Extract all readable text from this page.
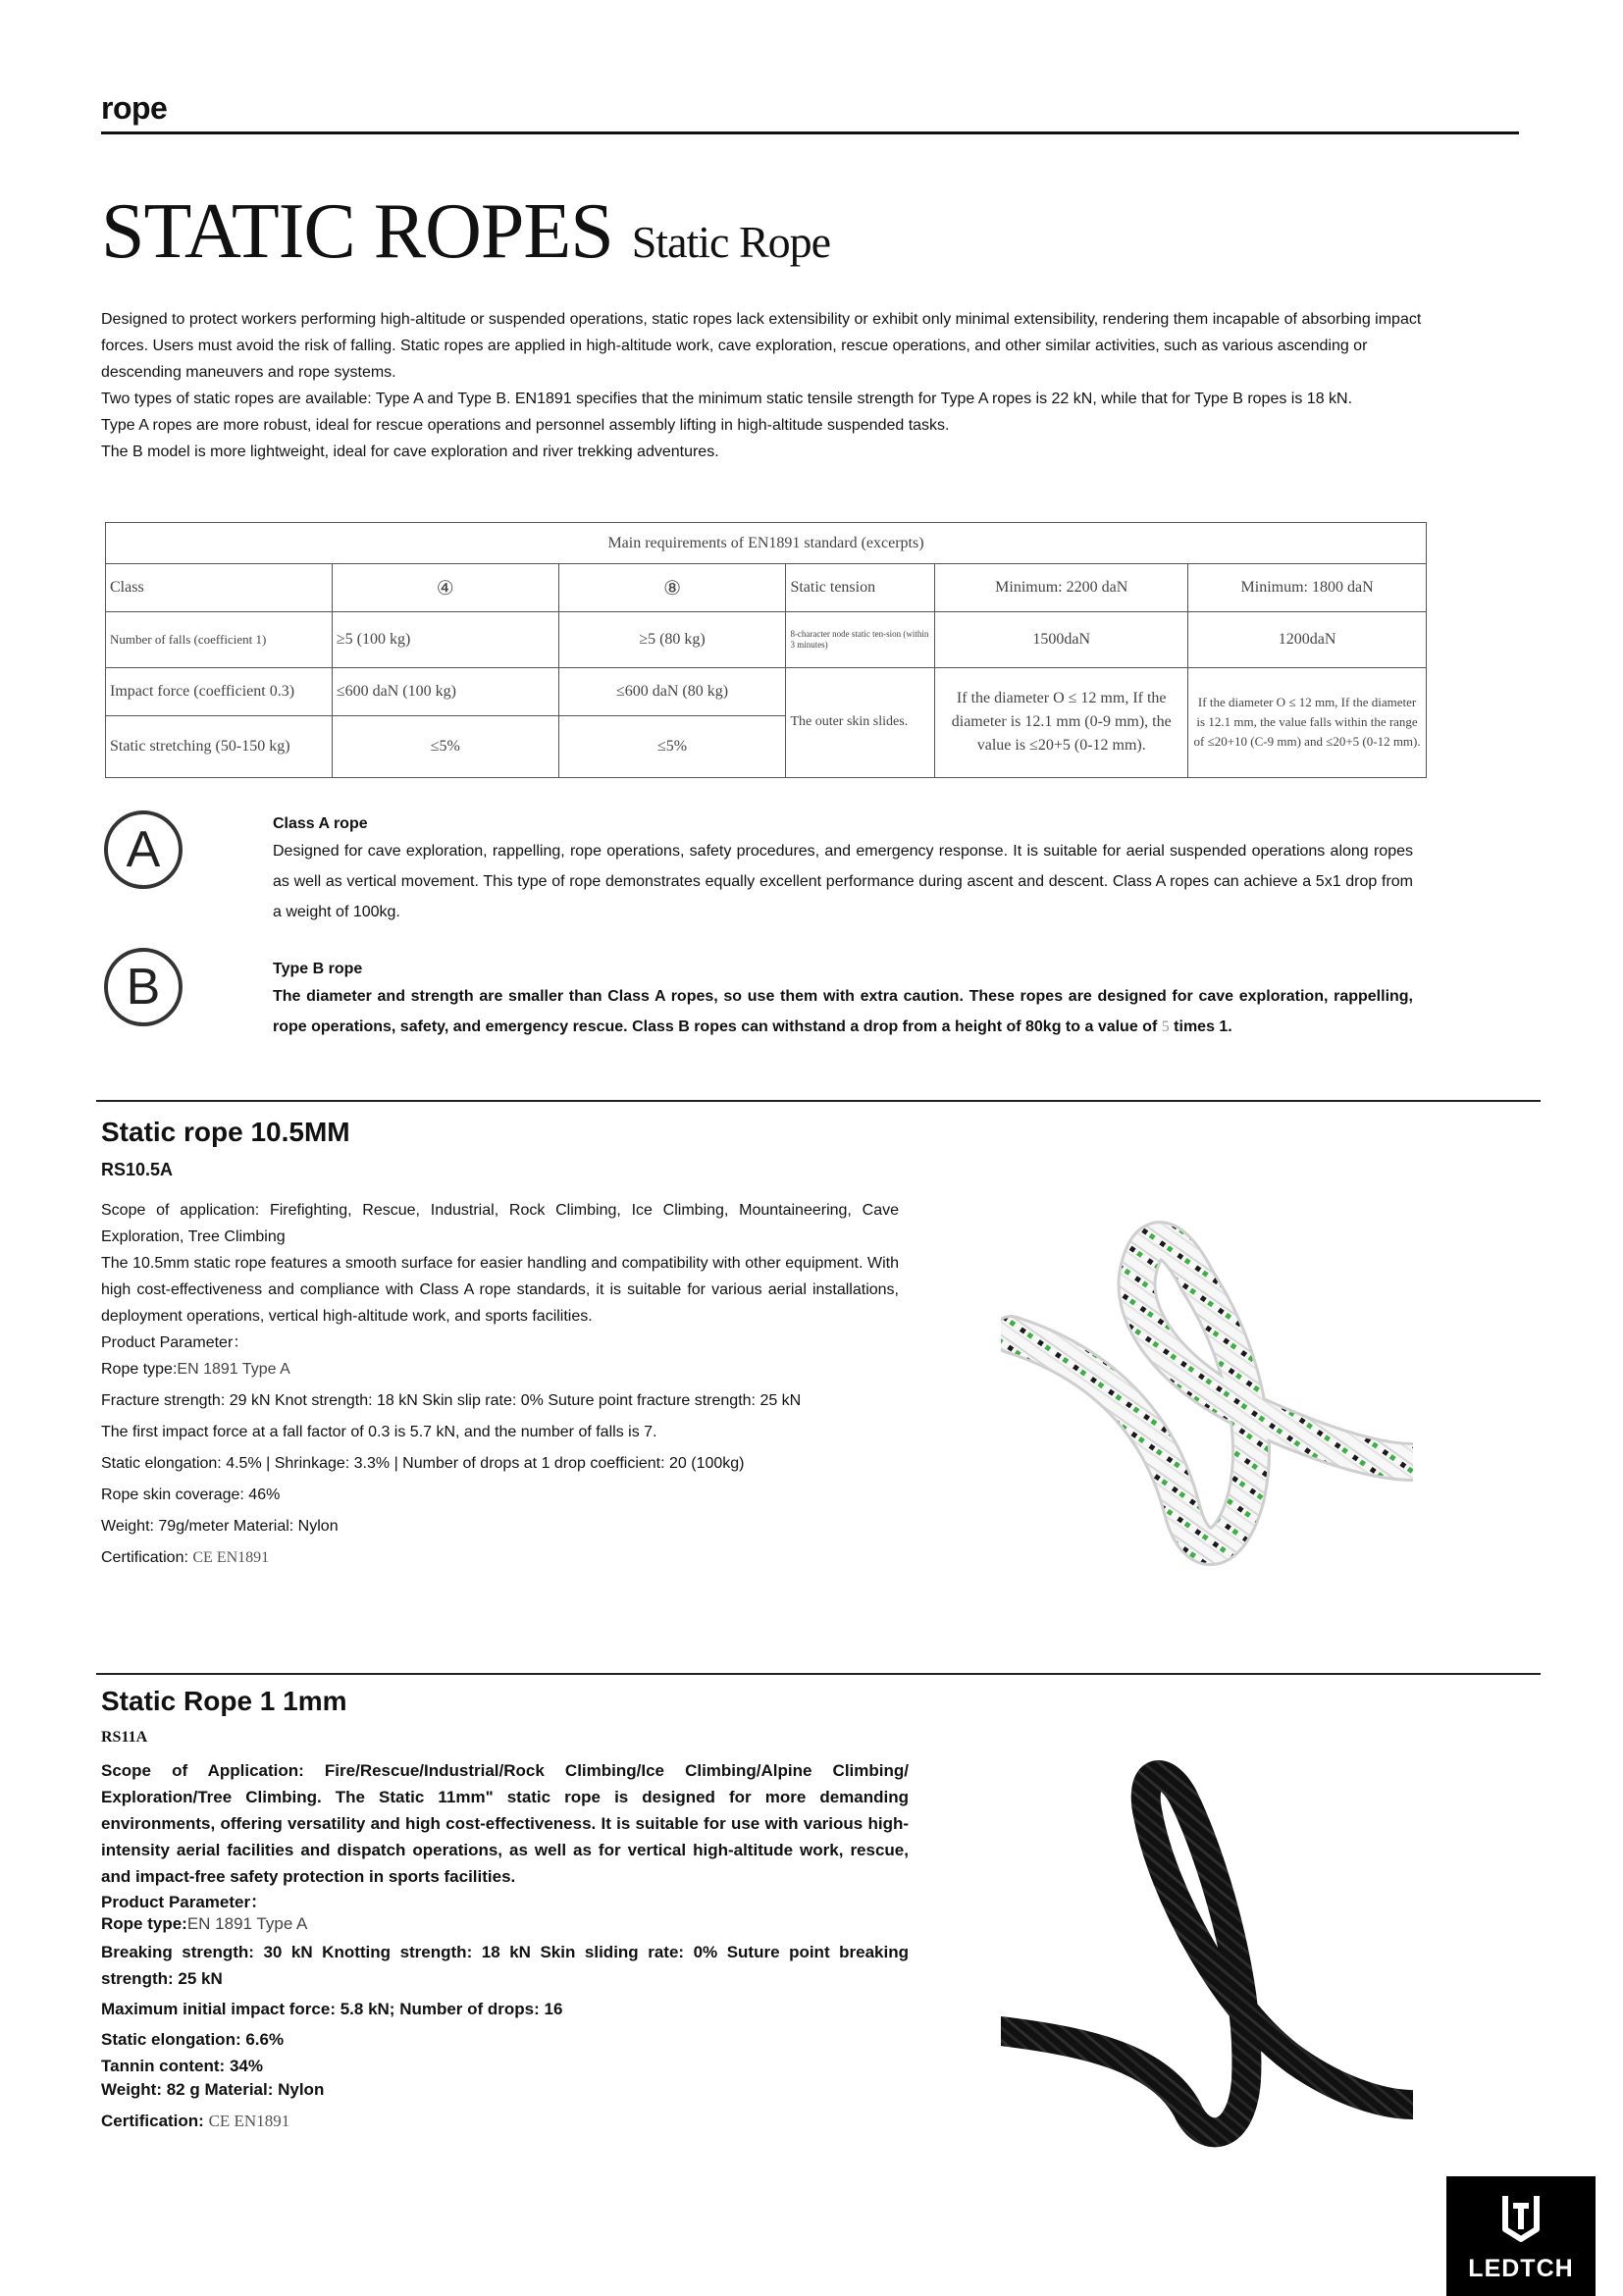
rope
STATIC ROPES Static Rope

Designed to protect workers performing high-altitude or suspended operations, static ropes lack extensibility or exhibit only minimal extensibility, rendering them incapable of absorbing impact forces. Users must avoid the risk of falling. Static ropes are applied in high-altitude work, cave exploration, rescue operations, and other similar activities, such as various ascending or descending maneuvers and rope systems.

Two types of static ropes are available: Type A and Type B. EN1891 specifies that the minimum static tensile strength for Type A ropes is 22 kN, while that for Type B ropes is 18 kN.

Type A ropes are more robust, ideal for rescue operations and personnel assembly lifting in high-altitude suspended tasks.

The B model is more lightweight, ideal for cave exploration and river trekking adventures.

Main requirements of EN1891 standard (excerpts)					
Class	④	⑧	Static tension	Minimum: 2200 daN	Minimum: 1800 daN
Number of falls (coefficient 1)	≥5 (100 kg)	≥5 (80 kg)	8-character node static ten-sion (within 3 minutes)	1500daN	1200daN
Impact force (coefficient 0.3)	≤600 daN (100 kg)	≤600 daN (80 kg)	The outer skin slides.	If the diameter Ο ≤ 12 mm, If the diameter is 12.1 mm (0-9 mm), the value is ≤20+5 (0-12 mm).	If the diameter Ο ≤ 12 mm, If the diameter is 12.1 mm, the value falls within the range of ≤20+10 (C-9 mm) and ≤20+5 (0-12 mm).
Static stretching (50-150 kg)	≤5%	≤5%			
A	Class A rope
Designed for cave exploration, rappelling, rope operations, safety procedures, and emergency response. It is suitable for aerial suspended operations along ropes as well as vertical movement. This type of rope demonstrates equally excellent performance during ascent and descent. Class A ropes can achieve a 5x1 drop from a weight of 100kg.
B	Type B rope
The diameter and strength are smaller than Class A ropes, so use them with extra caution. These ropes are designed for cave exploration, rappelling, rope operations, safety, and emergency rescue. Class B ropes can withstand a drop from a height of 80kg to a value of 5 times 1.
Static rope 10.5MM
RS10.5A

Scope of application: Firefighting, Rescue, Industrial, Rock Climbing, Ice Climbing, Mountaineering, Cave Exploration, Tree Climbing

The 10.5mm static rope features a smooth surface for easier handling and compatibility with other equipment. With high cost-effectiveness and compliance with Class A rope standards, it is suitable for various aerial installations, deployment operations, vertical high-altitude work, and sports facilities.

Product Parameter：

Rope type:EN 1891 Type A

Fracture strength: 29 kN Knot strength: 18 kN Skin slip rate: 0% Suture point fracture strength: 25 kN

The first impact force at a fall factor of 0.3 is 5.7 kN, and the number of falls is 7.

Static elongation: 4.5% | Shrinkage: 3.3% | Number of drops at 1 drop coefficient: 20 (100kg)

Rope skin coverage: 46%

Weight: 79g/meter Material: Nylon

Certification: CE EN1891

Static Rope 1 1mm
RS11A

Scope of Application: Fire/Rescue/Industrial/Rock Climbing/Ice Climbing/Alpine Climbing/ Exploration/Tree Climbing. The Static 11mm" static rope is designed for more demanding environments, offering versatility and high cost-effectiveness. It is suitable for use with various high-intensity aerial facilities and dispatch operations, as well as for vertical high-altitude work, rescue, and impact-free safety protection in sports facilities.

Product Parameter：

Rope type:EN 1891 Type A

Breaking strength: 30 kN Knotting strength: 18 kN Skin sliding rate: 0% Suture point breaking strength: 25 kN

Maximum initial impact force: 5.8 kN; Number of drops: 16

Static elongation: 6.6%

Tannin content: 34%

Weight: 82 g Material: Nylon

Certification: CE EN1891

LEDTCH
